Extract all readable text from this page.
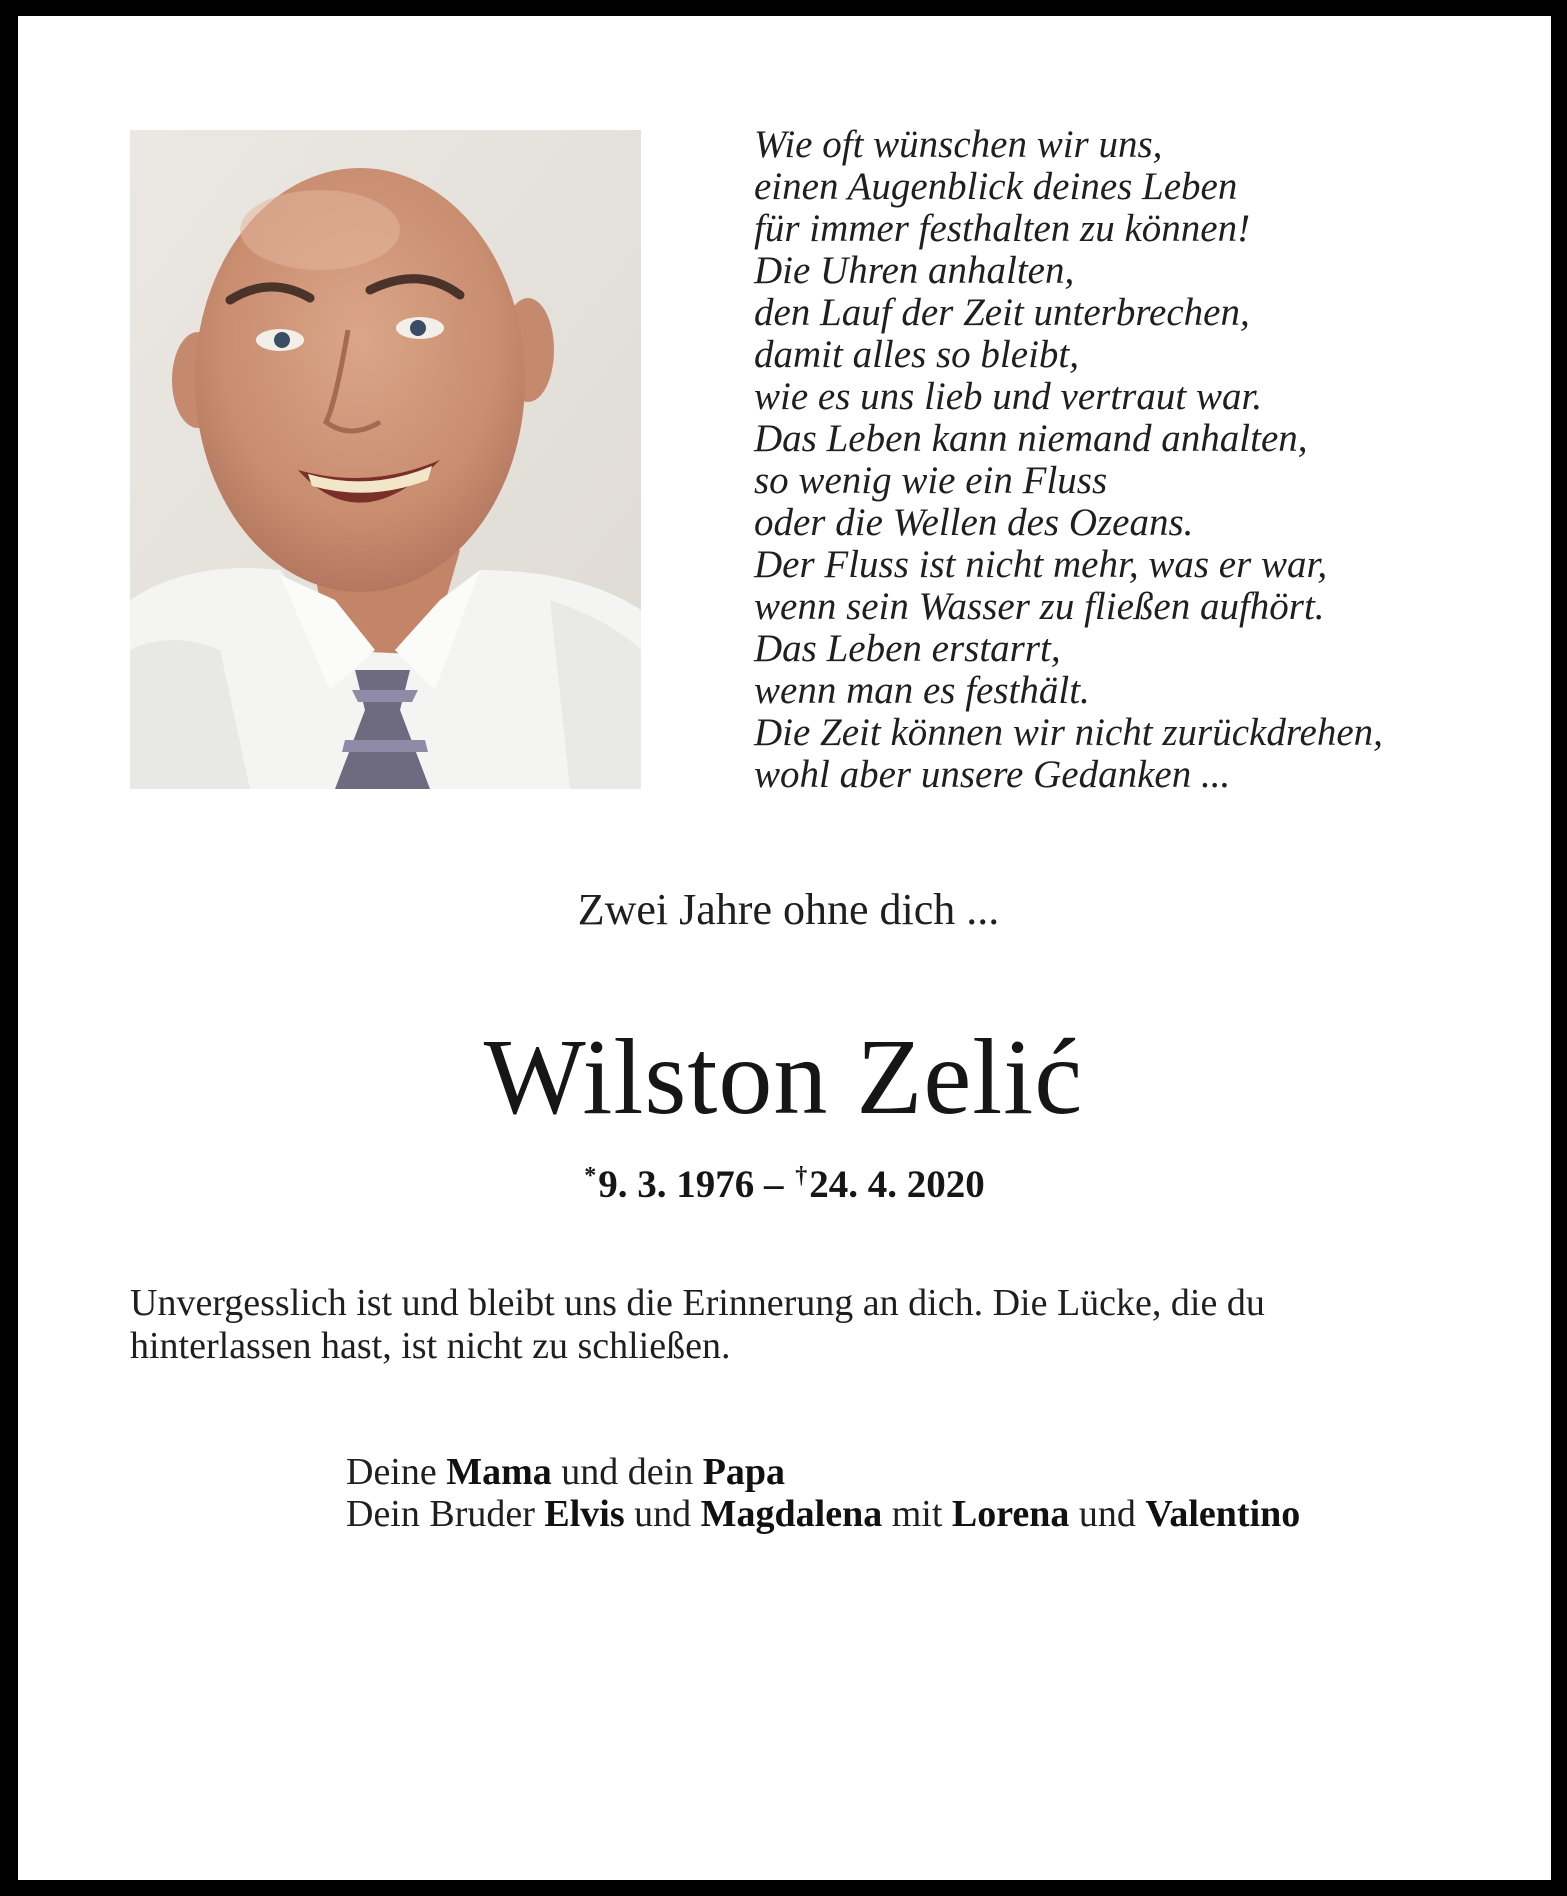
Wie oft wünschen wir uns,
einen Augenblick deines Leben
für immer festhalten zu können!
Die Uhren anhalten,
den Lauf der Zeit unterbrechen,
damit alles so bleibt,
wie es uns lieb und vertraut war.
Das Leben kann niemand anhalten,
so wenig wie ein Fluss
oder die Wellen des Ozeans.
Der Fluss ist nicht mehr, was er war,
wenn sein Wasser zu fließen aufhört.
Das Leben erstarrt,
wenn man es festhält.
Die Zeit können wir nicht zurückdrehen,
wohl aber unsere Gedanken ...
Zwei Jahre ohne dich ...
Wilston Zelić
*9. 3. 1976 – †24. 4. 2020

Unvergesslich ist und bleibt uns die Erinnerung an dich. Die Lücke, die du hinterlassen hast, ist nicht zu schließen.

Deine Mama und dein Papa
Dein Bruder Elvis und Magdalena mit Lorena und Valentino
